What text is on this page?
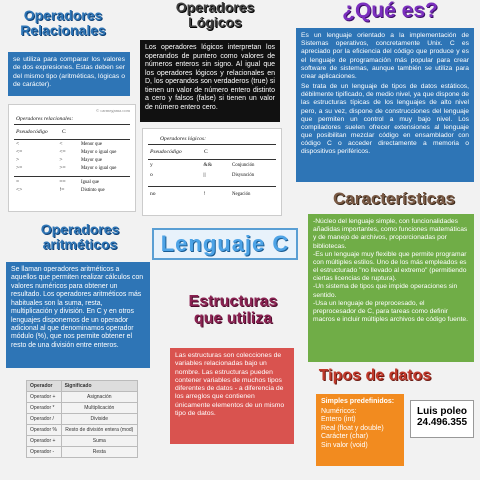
Operadores
Relacionales
Operadores
Lógicos	¿Qué es?
Características
Operadores
aritméticos	Lenguaje C
Estructuras
que utiliza
Tipos de datos
se utiliza para comparar los valores de dos expresiones. Estas deben ser del mismo tipo (aritméticas, lógicas o de carácter).
© carmegama.com
Operadores relacionales:
Pseudocódigo	C
<	<	Menor que
<=	<=	Mayor o igual que
>	>	Mayor que
>=	>=	Mayor o igual que
=	==	Igual que
<>	!=	Distinto que
Los operadores lógicos interpretan los operandos de puntero como valores de números enteros sin signo. Al igual que los operadores lógicos y relacionales en D, los operandos son verdaderos (true) si tienen un valor de número entero distinto a cero y falsos (false) si tienen un valor de número entero cero.
Operadores lógicos:
Pseudocódigo	C
y	&&	Conjunción
o	||	Disyunción
no	!	Negación
Es un lenguaje orientado a la implementación de Sistemas operativos, concretamente Unix. C es apreciado por la eficiencia del código que produce y es el lenguaje de programación más popular para crear software de sistemas, aunque también se utiliza para crear aplicaciones.
Se trata de un lenguaje de tipos de datos estáticos, débilmente tipificado, de medio nivel, ya que dispone de las estructuras típicas de los lenguajes de alto nivel pero, a su vez, dispone de construcciones del lenguaje que permiten un control a muy bajo nivel. Los compiladores suelen ofrecer extensiones al lenguaje que posibilitan mezclar código en ensamblador con código C o acceder directamente a memoria o dispositivos periféricos.
-Núcleo del lenguaje simple, con funcionalidades añadidas importantes, como funciones matemáticas y de manejo de archivos, proporcionadas por bibliotecas.
-Es un lenguaje muy flexible que permite programar con múltiples estilos. Uno de los más empleados es el estructurado "no llevado al extremo" (permitiendo ciertas licencias de ruptura).
-Un sistema de tipos que impide operaciones sin sentido.
-Usa un lenguaje de preprocesado, el preprocesador de C, para tareas como definir macros e incluir múltiples archivos de código fuente.
Se llaman operadores aritméticos a aquellos que permiten realizar cálculos con valores numéricos para obtener un resultado. Los operadores aritméticos más habituales son la suma, resta, multiplicación y división. En C y en otros lenguajes disponemos de un operador adicional al que denominamos operador módulo (%), que nos permite obtener el resto de una división entre enteros.
Operador	Significado
Operador +	Asignación
Operador *	Multiplicación
Operador /	Diviside
Operador %	Resto de división entera (mod)
Operador +	Suma
Operador -	Resta
Las estructuras son colecciones de variables relacionadas bajo un nombre. Las estructuras pueden contener variables de muchos tipos diferentes de datos - a diferencia de los arreglos que contienen únicamente elementos de un mismo tipo de datos.
Simples predefinidos:
Numéricos:
Entero (int)
Real (float y double)
Carácter (char)
Sin valor (void)
Luis poleo
24.496.355
